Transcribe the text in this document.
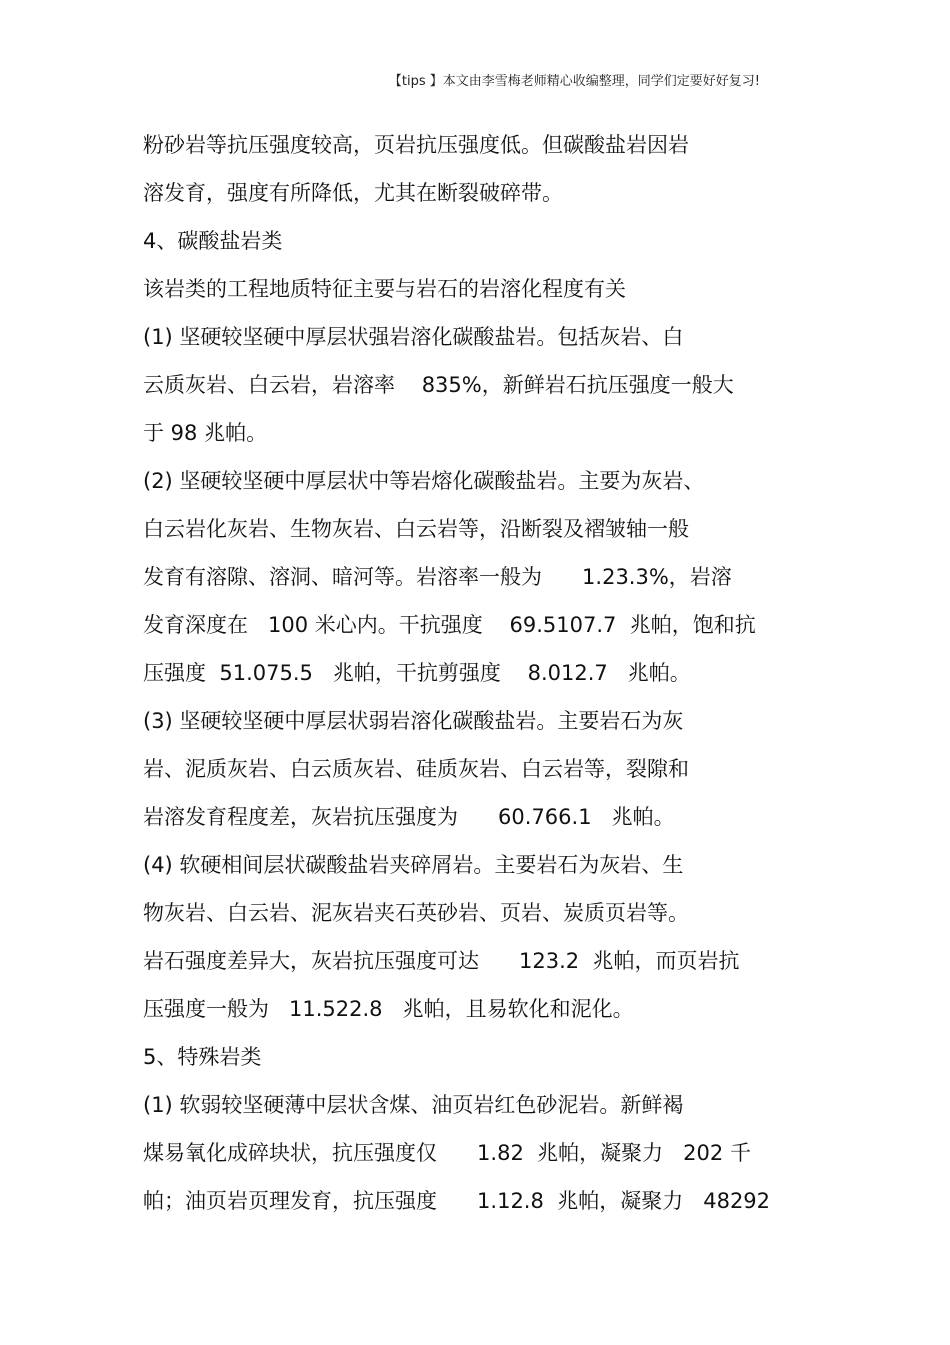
【tips 】本文由李雪梅老师精心收编整理，同学们定要好好复习!
粉砂岩等抗压强度较高，页岩抗压强度低。但碳酸盐岩因岩
溶发育，强度有所降低，尤其在断裂破碎带。
4、碳酸盐岩类
该岩类的工程地质特征主要与岩石的岩溶化程度有关
(1) 坚硬较坚硬中厚层状强岩溶化碳酸盐岩。包括灰岩、白
云质灰岩、白云岩，岩溶率    835%，新鲜岩石抗压强度一般大
于 98 兆帕。
(2) 坚硬较坚硬中厚层状中等岩熔化碳酸盐岩。主要为灰岩、
白云岩化灰岩、生物灰岩、白云岩等，沿断裂及褶皱轴一般
发育有溶隙、溶洞、暗河等。岩溶率一般为      1.23.3%，岩溶
发育深度在   100 米心内。干抗强度    69.5107.7  兆帕，饱和抗
压强度  51.075.5   兆帕，干抗剪强度    8.012.7   兆帕。
(3) 坚硬较坚硬中厚层状弱岩溶化碳酸盐岩。主要岩石为灰
岩、泥质灰岩、白云质灰岩、硅质灰岩、白云岩等，裂隙和
岩溶发育程度差，灰岩抗压强度为      60.766.1   兆帕。
(4) 软硬相间层状碳酸盐岩夹碎屑岩。主要岩石为灰岩、生
物灰岩、白云岩、泥灰岩夹石英砂岩、页岩、炭质页岩等。
岩石强度差异大，灰岩抗压强度可达      123.2  兆帕，而页岩抗
压强度一般为   11.522.8   兆帕，且易软化和泥化。
5、特殊岩类
(1) 软弱较坚硬薄中层状含煤、油页岩红色砂泥岩。新鲜褐
煤易氧化成碎块状，抗压强度仅      1.82  兆帕，凝聚力   202 千
帕；油页岩页理发育，抗压强度      1.12.8  兆帕，凝聚力   48292
